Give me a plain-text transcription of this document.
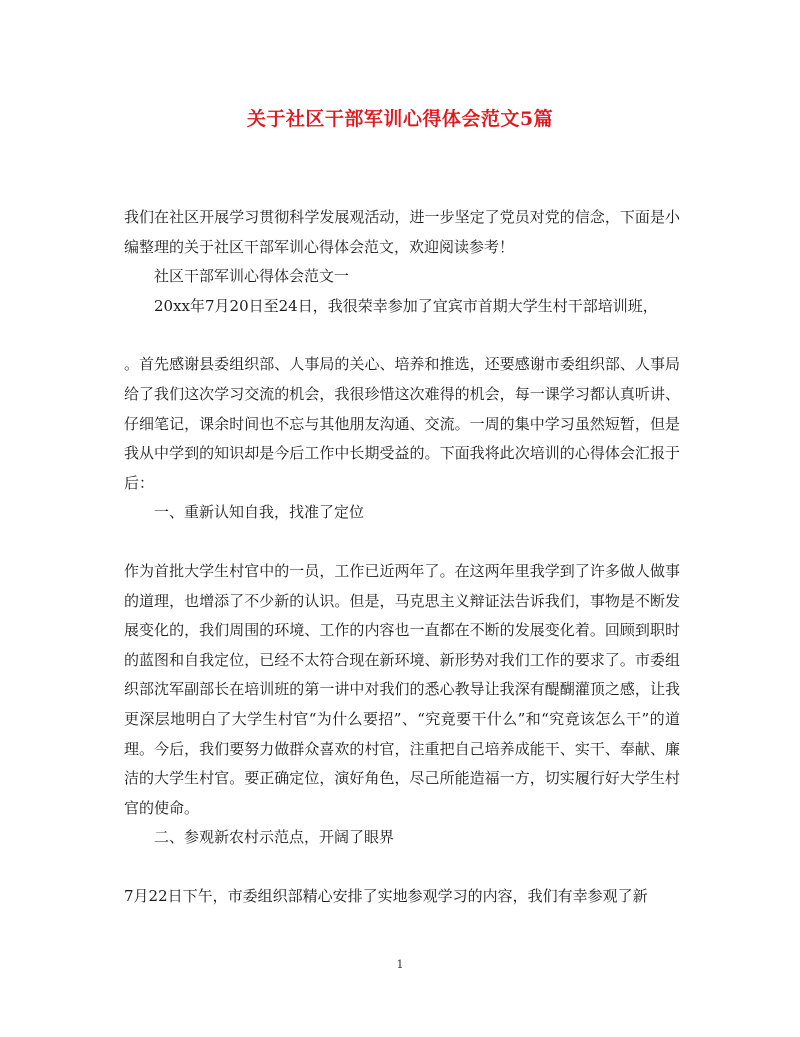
关于社区干部军训心得体会范文5篇

我们在社区开展学习贯彻科学发展观活动，进一步坚定了党员对党的信念，下面是小编整理的关于社区干部军训心得体会范文，欢迎阅读参考！

社区干部军训心得体会范文一

20xx年7月20日至24日，我很荣幸参加了宜宾市首期大学生村干部培训班，

。首先感谢县委组织部、人事局的关心、培养和推选，还要感谢市委组织部、人事局给了我们这次学习交流的机会，我很珍惜这次难得的机会，每一课学习都认真听讲、仔细笔记，课余时间也不忘与其他朋友沟通、交流。一周的集中学习虽然短暂，但是我从中学到的知识却是今后工作中长期受益的。下面我将此次培训的心得体会汇报于后：

一、重新认知自我，找准了定位

作为首批大学生村官中的一员，工作已近两年了。在这两年里我学到了许多做人做事的道理，也增添了不少新的认识。但是，马克思主义辩证法告诉我们，事物是不断发展变化的，我们周围的环境、工作的内容也一直都在不断的发展变化着。回顾到职时的蓝图和自我定位，已经不太符合现在新环境、新形势对我们工作的要求了。市委组织部沈军副部长在培训班的第一讲中对我们的悉心教导让我深有醍醐灌顶之感，让我更深层地明白了大学生村官“为什么要招”、“究竟要干什么”和“究竟该怎么干”的道理。今后，我们要努力做群众喜欢的村官，注重把自己培养成能干、实干、奉献、廉洁的大学生村官。要正确定位，演好角色，尽己所能造福一方，切实履行好大学生村官的使命。

二、参观新农村示范点，开阔了眼界

7月22日下午，市委组织部精心安排了实地参观学习的内容，我们有幸参观了新

1
